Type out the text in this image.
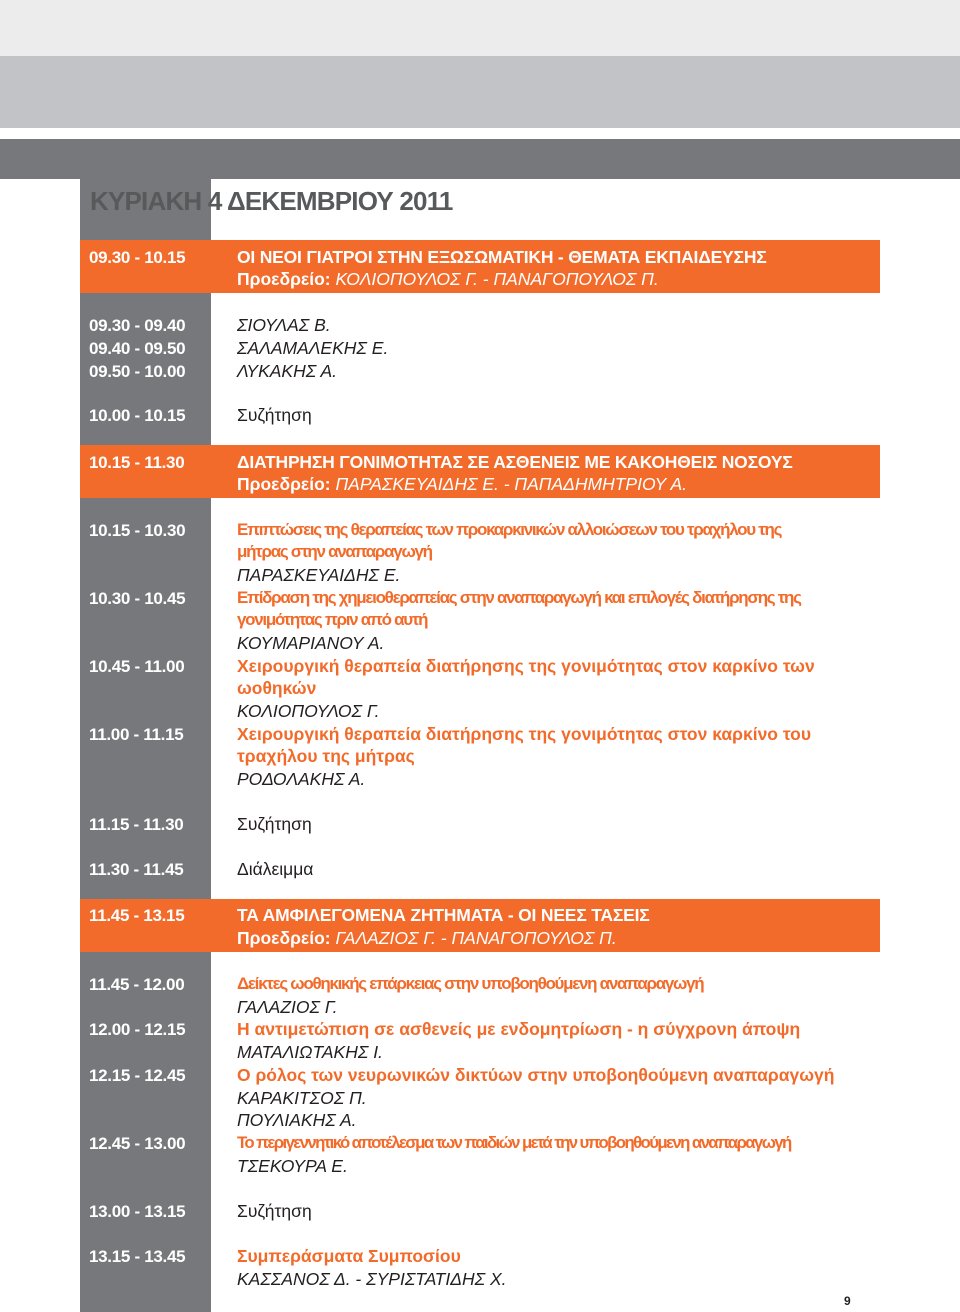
ΚΥΡΙΑΚΗ 4 ΔΕΚΕΜΒΡΙΟΥ 2011
09.30 - 10.15	ΟΙ ΝΕΟΙ ΓΙΑΤΡΟΙ ΣΤΗΝ ΕΞΩΣΩΜΑΤΙΚΗ - ΘΕΜΑΤΑ ΕΚΠΑΙΔΕΥΣΗΣ
Προεδρείο: ΚΟΛΙΟΠΟΥΛΟΣ Γ. - ΠΑΝΑΓΟΠΟΥΛΟΣ Π.
09.30 - 09.40	ΣΙΟΥΛΑΣ Β.
09.40 - 09.50	ΣΑΛΑΜΑΛΕΚΗΣ Ε.
09.50 - 10.00	ΛΥΚΑΚΗΣ Α.
10.00 - 10.15	Συζήτηση
10.15 - 11.30	ΔΙΑΤΗΡΗΣΗ ΓΟΝΙΜΟΤΗΤΑΣ ΣΕ ΑΣΘΕΝΕΙΣ ΜΕ ΚΑΚΟΗΘΕΙΣ ΝΟΣΟΥΣ
Προεδρείο: ΠΑΡΑΣΚΕΥΑΙΔΗΣ Ε. - ΠΑΠΑΔΗΜΗΤΡΙΟΥ Α.
10.15 - 10.30	Επιπτώσεις της θεραπείας των προκαρκινικών αλλοιώσεων του τραχήλου της
μήτρας στην αναπαραγωγή
ΠΑΡΑΣΚΕΥΑΙΔΗΣ Ε.
10.30 - 10.45	Επίδραση της χημειοθεραπείας στην αναπαραγωγή και επιλογές διατήρησης της
γονιμότητας πριν από αυτή
ΚΟΥΜΑΡΙΑΝΟΥ Α.
10.45 - 11.00	Χειρουργική θεραπεία διατήρησης της γονιμότητας στον καρκίνο των
ωοθηκών
ΚΟΛΙΟΠΟΥΛΟΣ Γ.
11.00 - 11.15	Χειρουργική θεραπεία διατήρησης της γονιμότητας στον καρκίνο του
τραχήλου της μήτρας
ΡΟΔΟΛΑΚΗΣ Α.
11.15 - 11.30	Συζήτηση
11.30 - 11.45	Διάλειμμα
11.45 - 13.15	ΤΑ ΑΜΦΙΛΕΓΟΜΕΝΑ ΖΗΤΗΜΑΤΑ - ΟΙ ΝΕΕΣ ΤΑΣΕΙΣ
Προεδρείο: ΓΑΛΑΖΙΟΣ Γ. - ΠΑΝΑΓΟΠΟΥΛΟΣ Π.
11.45 - 12.00	Δείκτες ωοθηκικής επάρκειας στην υποβοηθούμενη αναπαραγωγή
ΓΑΛΑΖΙΟΣ Γ.
12.00 - 12.15	Η αντιμετώπιση σε ασθενείς με ενδομητρίωση - η σύγχρονη άποψη
ΜΑΤΑΛΙΩΤΑΚΗΣ Ι.
12.15 - 12.45	Ο ρόλος των νευρωνικών δικτύων στην υποβοηθούμενη αναπαραγωγή
ΚΑΡΑΚΙΤΣΟΣ Π.
ΠΟΥΛΙΑΚΗΣ Α.
12.45 - 13.00	Το περιγεννητικό αποτέλεσμα των παιδιών μετά την υποβοηθούμενη αναπαραγωγή
ΤΣΕΚΟΥΡΑ Ε.
13.00 - 13.15	Συζήτηση
13.15 - 13.45	Συμπεράσματα Συμποσίου
ΚΑΣΣΑΝΟΣ Δ. - ΣΥΡΙΣΤΑΤΙΔΗΣ Χ.
9
